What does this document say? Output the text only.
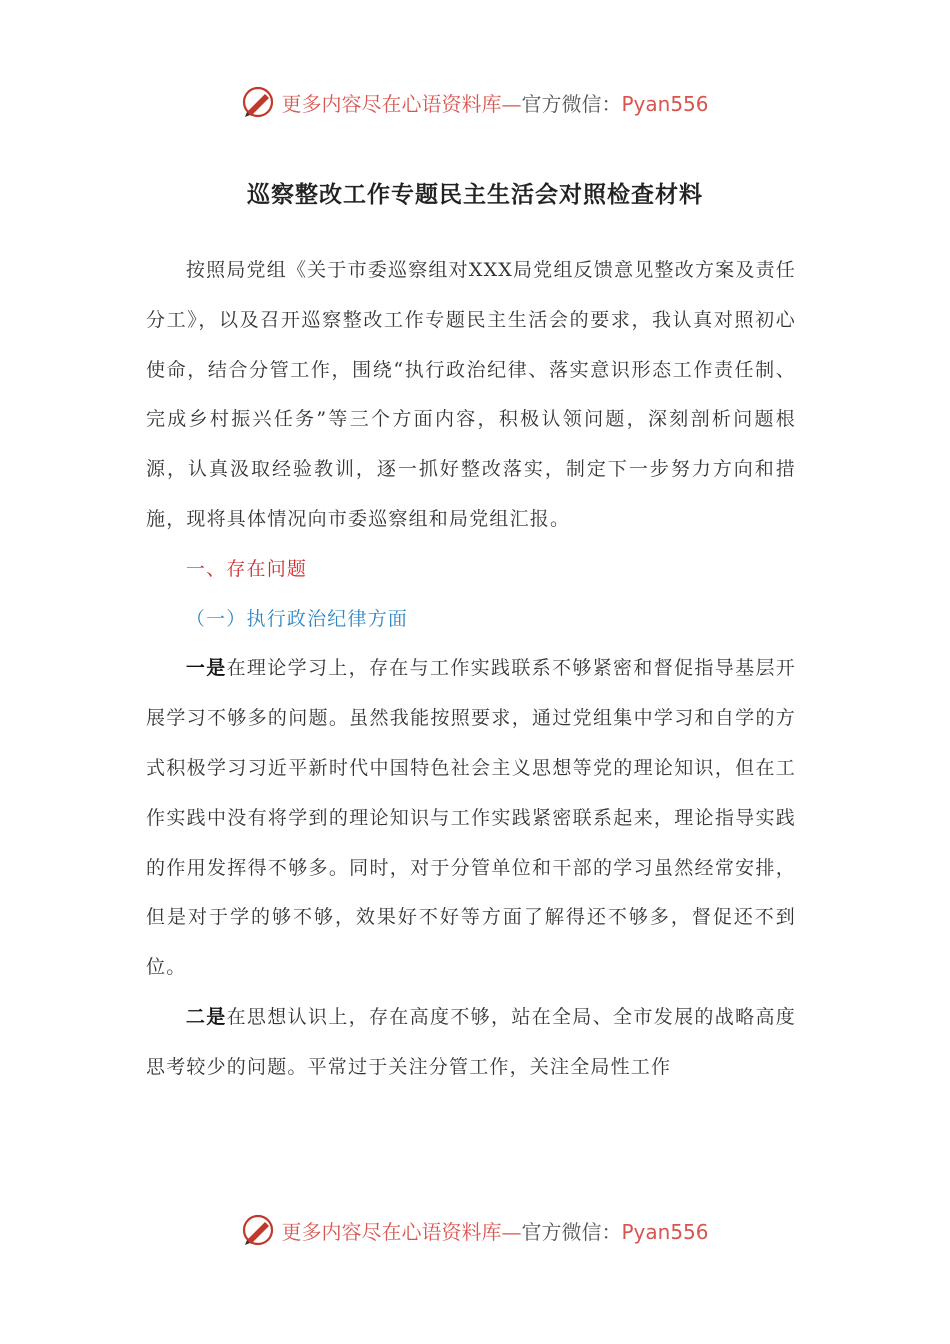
更多内容尽在心语资料库—官方微信：Pyan556
巡察整改工作专题民主生活会对照检查材料

按照局党组《关于市委巡察组对XXX局党组反馈意见整改方案及责任分工》，以及召开巡察整改工作专题民主生活会的要求，我认真对照初心使命，结合分管工作，围绕“执行政治纪律、落实意识形态工作责任制、完成乡村振兴任务”等三个方面内容，积极认领问题，深刻剖析问题根源，认真汲取经验教训，逐一抓好整改落实，制定下一步努力方向和措施，现将具体情况向市委巡察组和局党组汇报。

一、存在问题

（一）执行政治纪律方面

一是在理论学习上，存在与工作实践联系不够紧密和督促指导基层开展学习不够多的问题。虽然我能按照要求，通过党组集中学习和自学的方式积极学习习近平新时代中国特色社会主义思想等党的理论知识，但在工作实践中没有将学到的理论知识与工作实践紧密联系起来，理论指导实践的作用发挥得不够多。同时，对于分管单位和干部的学习虽然经常安排，但是对于学的够不够，效果好不好等方面了解得还不够多，督促还不到位。

二是在思想认识上，存在高度不够，站在全局、全市发展的战略高度思考较少的问题。平常过于关注分管工作，关注全局性工作

更多内容尽在心语资料库—官方微信：Pyan556
